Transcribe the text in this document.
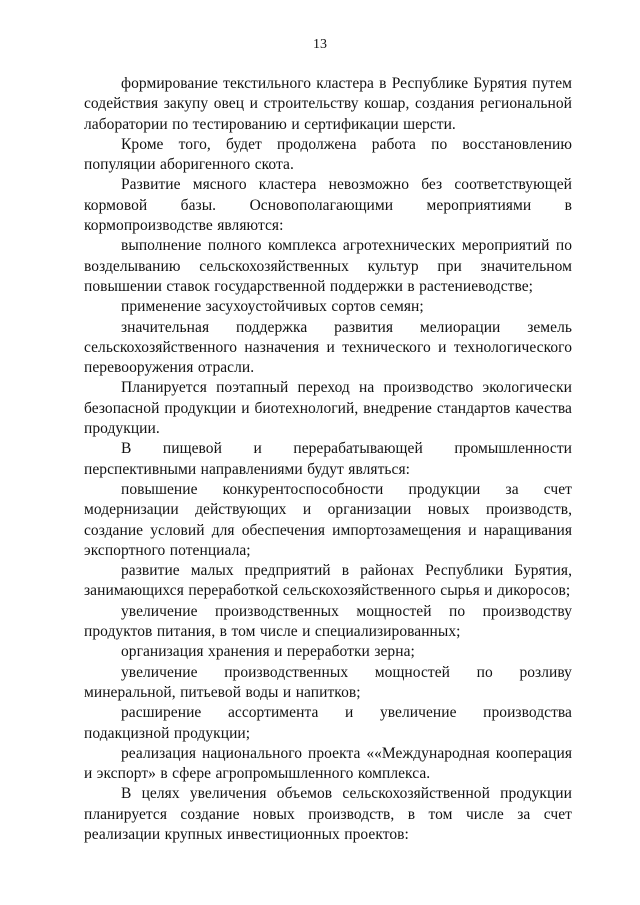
13

формирование текстильного кластера в Республике Бурятия путем содействия закупу овец и строительству кошар, создания региональной лаборатории по тестированию и сертификации шерсти.

Кроме того, будет продолжена работа по восстановлению популяции аборигенного скота.

Развитие мясного кластера невозможно без соответствующей кормовой базы. Основополагающими мероприятиями в кормопроизводстве являются:

выполнение полного комплекса агротехнических мероприятий по возделыванию сельскохозяйственных культур при значительном повышении ставок государственной поддержки в растениеводстве;

применение засухоустойчивых сортов семян;

значительная поддержка развития мелиорации земель сельскохозяйственного назначения и технического и технологического перевооружения отрасли.

Планируется поэтапный переход на производство экологически безопасной продукции и биотехнологий, внедрение стандартов качества продукции.

В пищевой и перерабатывающей промышленности перспективными направлениями будут являться:

повышение конкурентоспособности продукции за счет модернизации действующих и организации новых производств, создание условий для обеспечения импортозамещения и наращивания экспортного потенциала;

развитие малых предприятий в районах Республики Бурятия, занимающихся переработкой сельскохозяйственного сырья и дикоросов;

увеличение производственных мощностей по производству продуктов питания, в том числе и специализированных;

организация хранения и переработки зерна;

увеличение производственных мощностей по розливу минеральной, питьевой воды и напитков;

расширение ассортимента и увеличение производства подакцизной продукции;

реализация национального проекта ««Международная кооперация и экспорт» в сфере агропромышленного комплекса.

В целях увеличения объемов сельскохозяйственной продукции планируется создание новых производств, в том числе за счет реализации крупных инвестиционных проектов:
